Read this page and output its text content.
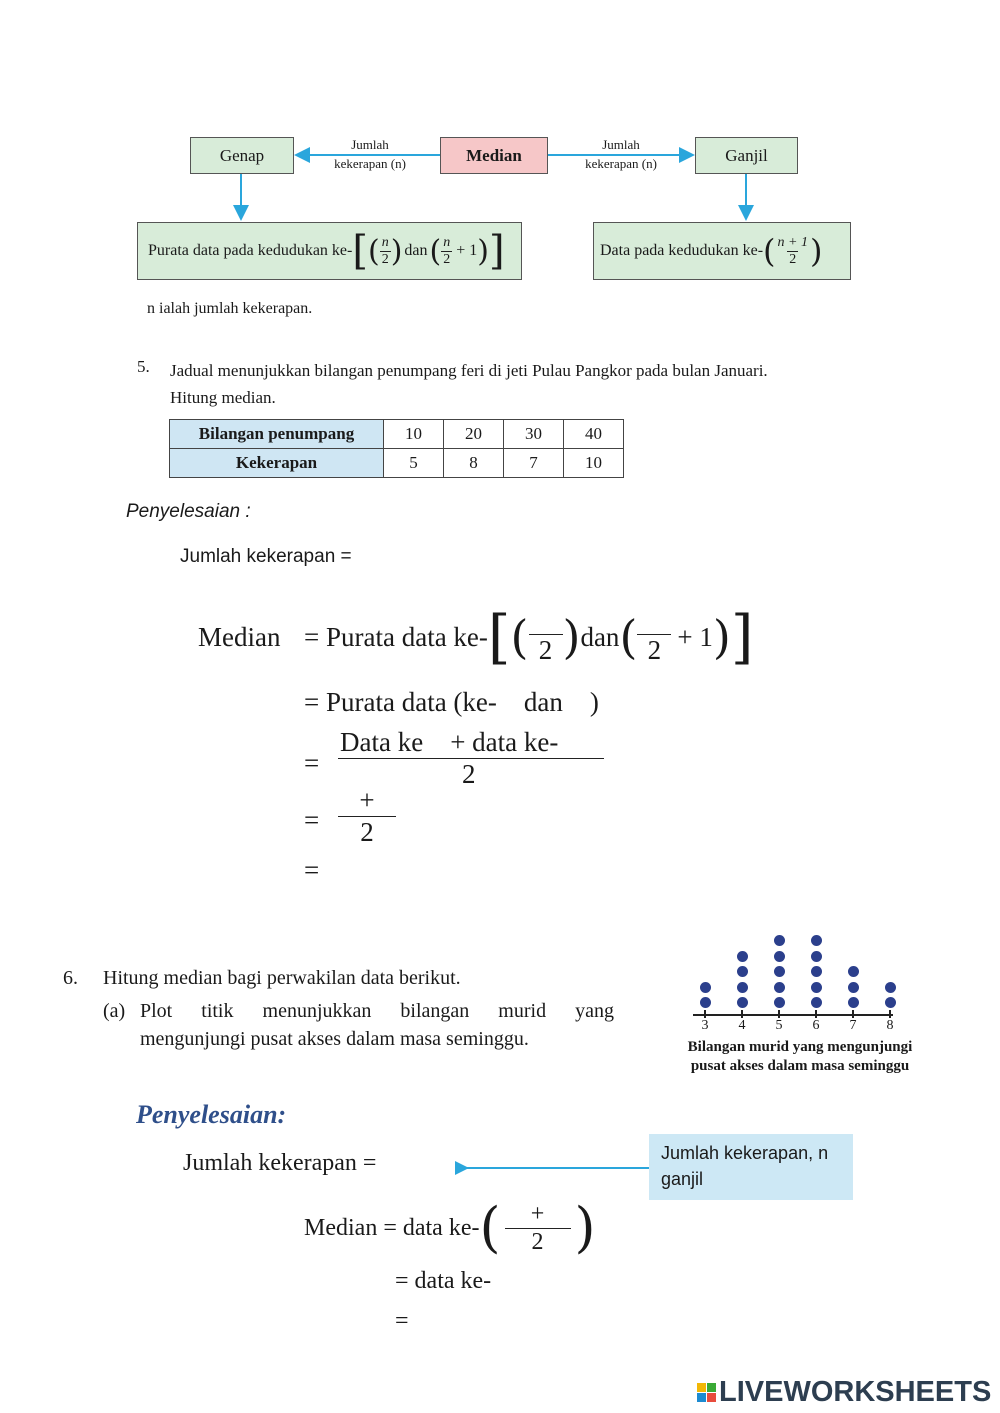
Genap	Median	Ganjil
Jumlah
kekerapan (n)
Jumlah
kekerapan (n)
Purata data pada kedudukan ke- [ ( $\frac{n}{2}$ ) dan ( $\frac{n}{2} + 1$ ) ]	Data pada kedudukan ke- ( $\frac{n + 1}{2}$ )
n ialah jumlah kekerapan.
5. Jadual menunjukkan bilangan penumpang feri di jeti Pulau Pangkor pada bulan Januari.
Hitung median.
Bilangan penumpang	10	20	30	40
Kekerapan	5	8	7	10
Penyelesaian :
Jumlah kekerapan =
Median = Purata data ke- [ ( 2 ) dan ( 2 + 1 ) ]
= Purata data (ke-    dan    )
=
Data ke    + data ke-
2
=
+
2
=
6. Hitung median bagi perwakilan data berikut.
(a) Plot titik menunjukkan bilangan murid yang
mengunjungi pusat akses dalam masa seminggu.	Bilangan murid yang mengunjungi
pusat akses dalam masa seminggu
3	4	5	6	7	8
Penyelesaian:
Jumlah kekerapan =	Jumlah kekerapan, n
ganjil
Median = data ke- ( $\frac{+}{2}$ )
= data ke-
=
LIVEWORKSHEETS
